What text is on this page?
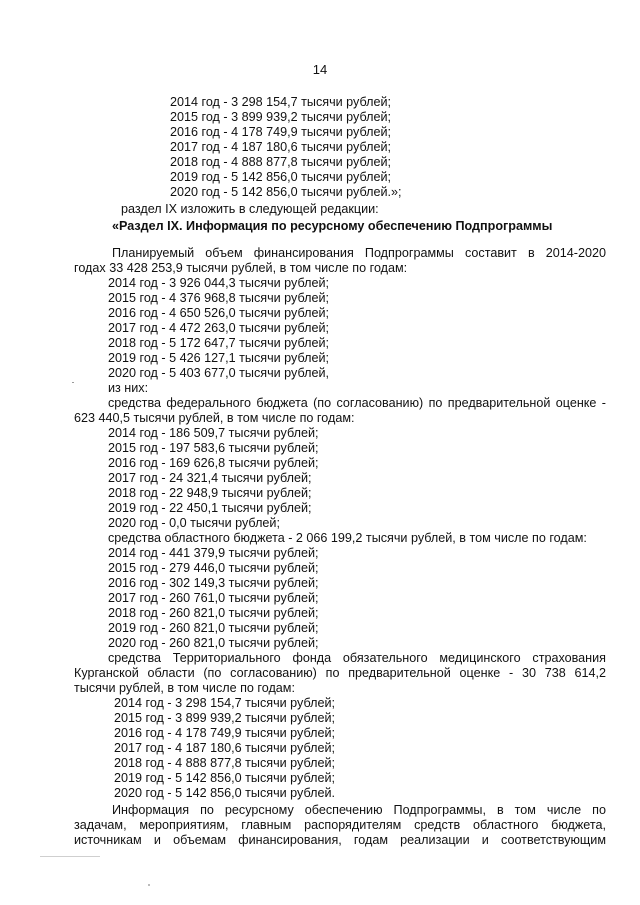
14
2014 год - 3 298 154,7 тысячи рублей;
2015 год - 3 899 939,2 тысячи рублей;
2016 год - 4 178 749,9 тысячи рублей;
2017 год - 4 187 180,6 тысячи рублей;
2018 год - 4 888 877,8 тысячи рублей;
2019 год - 5 142 856,0 тысячи рублей;
2020 год - 5 142 856,0 тысячи рублей.»;
раздел IX изложить в следующей редакции:
«Раздел IX. Информация по ресурсному обеспечению Подпрограммы
Планируемый объем финансирования Подпрограммы составит в 2014-2020
годах 33 428 253,9 тысячи рублей, в том числе по годам:
2014 год - 3 926 044,3 тысячи рублей;
2015 год - 4 376 968,8 тысячи рублей;
2016 год - 4 650 526,0 тысячи рублей;
2017 год - 4 472 263,0 тысячи рублей;
2018 год - 5 172 647,7 тысячи рублей;
2019 год - 5 426 127,1 тысячи рублей;
2020 год - 5 403 677,0 тысячи рублей,
из них:
средства федерального бюджета (по согласованию) по предварительной оценке -
623 440,5 тысячи рублей, в том числе по годам:
2014 год - 186 509,7 тысячи рублей;
2015 год - 197 583,6 тысячи рублей;
2016 год - 169 626,8 тысячи рублей;
2017 год - 24 321,4 тысячи рублей;
2018 год - 22 948,9 тысячи рублей;
2019 год - 22 450,1 тысячи рублей;
2020 год - 0,0 тысячи рублей;
средства областного бюджета - 2 066 199,2 тысячи рублей, в том числе по годам:
2014 год - 441 379,9 тысячи рублей;
2015 год - 279 446,0 тысячи рублей;
2016 год - 302 149,3 тысячи рублей;
2017 год - 260 761,0 тысячи рублей;
2018 год - 260 821,0 тысячи рублей;
2019 год - 260 821,0 тысячи рублей;
2020 год - 260 821,0 тысячи рублей;
средства Территориального фонда обязательного медицинского страхования
Курганской области (по согласованию) по предварительной оценке - 30 738 614,2
тысячи рублей, в том числе по годам:
2014 год - 3 298 154,7 тысячи рублей;
2015 год - 3 899 939,2 тысячи рублей;
2016 год - 4 178 749,9 тысячи рублей;
2017 год - 4 187 180,6 тысячи рублей;
2018 год - 4 888 877,8 тысячи рублей;
2019 год - 5 142 856,0 тысячи рублей;
2020 год - 5 142 856,0 тысячи рублей.
Информация по ресурсному обеспечению Подпрограммы, в том числе по
задачам, мероприятиям, главным распорядителям средств областного бюджета,
источникам и объемам финансирования, годам реализации и соответствующим
